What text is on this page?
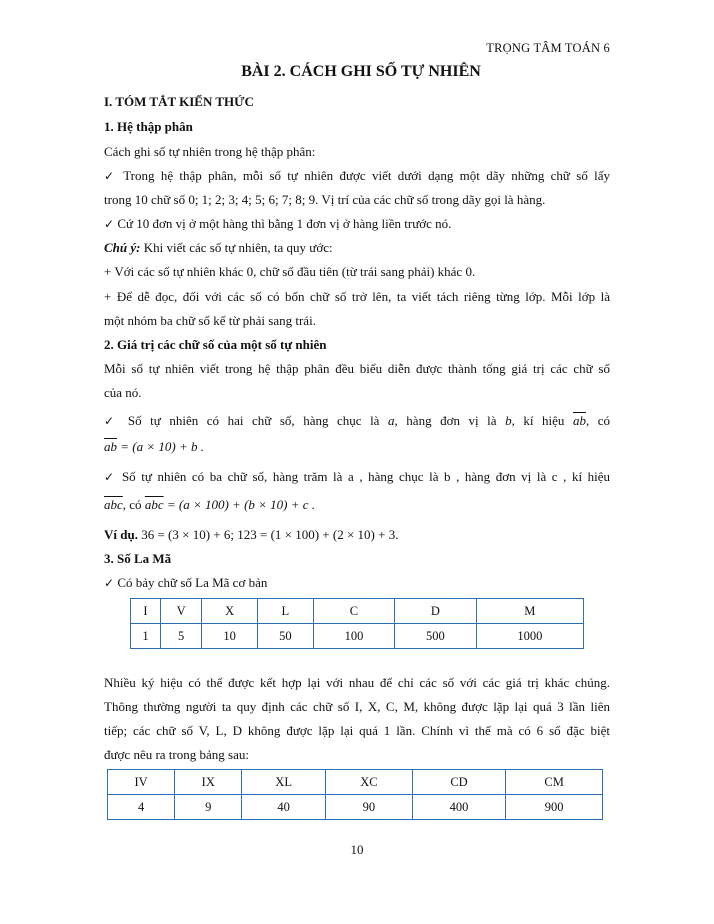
TRỌNG TÂM TOÁN 6
BÀI 2. CÁCH GHI SỐ TỰ NHIÊN
I. TÓM TẮT KIẾN THỨC
1. Hệ thập phân
Cách ghi số tự nhiên trong hệ thập phân:
✓ Trong hệ thập phân, mỗi số tự nhiên được viết dưới dạng một dãy những chữ số lấy
trong 10 chữ số 0; 1; 2; 3; 4; 5; 6; 7; 8; 9. Vị trí của các chữ số trong dãy gọi là hàng.
✓ Cứ 10 đơn vị ở một hàng thì bằng 1 đơn vị ở hàng liền trước nó.
Chú ý: Khi viết các số tự nhiên, ta quy ước:
+ Với các số tự nhiên khác 0, chữ số đầu tiên (từ trái sang phải) khác 0.
+ Để dễ đọc, đối với các số có bốn chữ số trở lên, ta viết tách riêng từng lớp. Mỗi lớp là
một nhóm ba chữ số kể từ phải sang trái.
2. Giá trị các chữ số của một số tự nhiên
Mỗi số tự nhiên viết trong hệ thập phân đều biểu diễn được thành tổng giá trị các chữ số
của nó.
✓ Số tự nhiên có hai chữ số, hàng chục là a, hàng đơn vị là b, kí hiệu $\overline{ab}$, có
$\overline{ab} = (a \times 10) + b$ .
✓ Số tự nhiên có ba chữ số, hàng trăm là a , hàng chục là b , hàng đơn vị là c , kí hiệu
$\overline{abc}$, có $\overline{abc} = (a \times 100) + (b \times 10) + c$ .
Ví dụ. 36 = (3 × 10) + 6; 123 = (1 × 100) + (2 × 10) + 3.
3. Số La Mã
✓ Có bảy chữ số La Mã cơ bản
I	V	X	L	C	D	M
1	5	10	50	100	500	1000
Nhiều ký hiệu có thể được kết hợp lại với nhau để chỉ các số với các giá trị khác chúng.
Thông thường người ta quy định các chữ số I, X, C, M, không được lặp lại quá 3 lần liên
tiếp; các chữ số V, L, D không được lặp lại quá 1 lần. Chính vì thế mà có 6 số đặc biệt
được nêu ra trong bảng sau:
IV	IX	XL	XC	CD	CM
4	9	40	90	400	900
10
